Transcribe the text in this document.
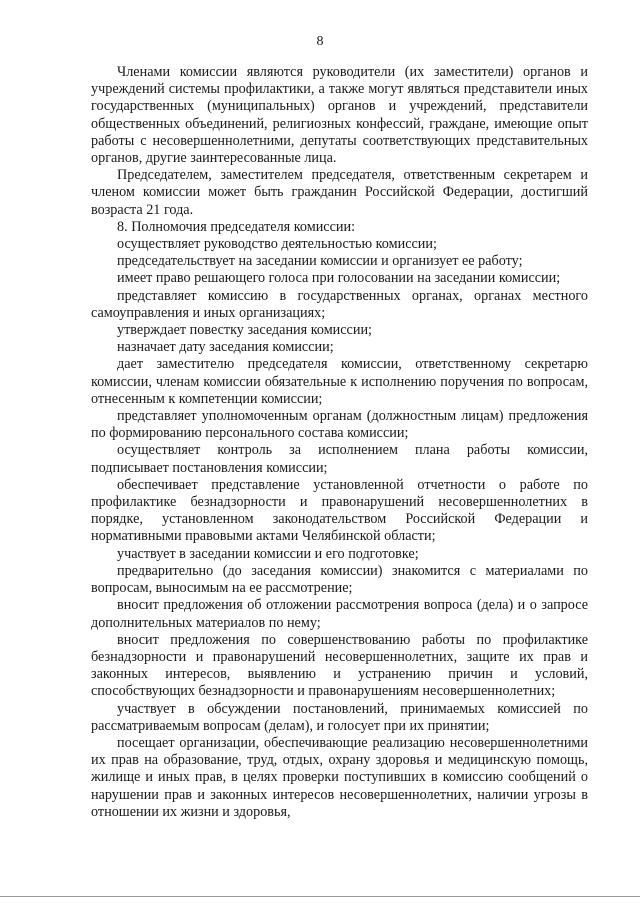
8

Членами комиссии являются руководители (их заместители) органов и учреждений системы профилактики, а также могут являться представители иных государственных (муниципальных) органов и учреждений, представители общественных объединений, религиозных конфессий, граждане, имеющие опыт работы с несовершеннолетними, депутаты соответствующих представительных органов, другие заинтересованные лица.

Председателем, заместителем председателя, ответственным секретарем и членом комиссии может быть гражданин Российской Федерации, достигший возраста 21 года.

8. Полномочия председателя комиссии:

осуществляет руководство деятельностью комиссии;

председательствует на заседании комиссии и организует ее работу;

имеет право решающего голоса при голосовании на заседании комиссии;

представляет комиссию в государственных органах, органах местного самоуправления и иных организациях;

утверждает повестку заседания комиссии;

назначает дату заседания комиссии;

дает заместителю председателя комиссии, ответственному секретарю комиссии, членам комиссии обязательные к исполнению поручения по вопросам, отнесенным к компетенции комиссии;

представляет уполномоченным органам (должностным лицам) предложения по формированию персонального состава комиссии;

осуществляет контроль за исполнением плана работы комиссии, подписывает постановления комиссии;

обеспечивает представление установленной отчетности о работе по профилактике безнадзорности и правонарушений несовершеннолетних в порядке, установленном законодательством Российской Федерации и нормативными правовыми актами Челябинской области;

участвует в заседании комиссии и его подготовке;

предварительно (до заседания комиссии) знакомится с материалами по вопросам, выносимым на ее рассмотрение;

вносит предложения об отложении рассмотрения вопроса (дела) и о запросе дополнительных материалов по нему;

вносит предложения по совершенствованию работы по профилактике безнадзорности и правонарушений несовершеннолетних, защите их прав и законных интересов, выявлению и устранению причин и условий, способствующих безнадзорности и правонарушениям несовершеннолетних;

участвует в обсуждении постановлений, принимаемых комиссией по рассматриваемым вопросам (делам), и голосует при их принятии;

посещает организации, обеспечивающие реализацию несовершеннолетними их прав на образование, труд, отдых, охрану здоровья и медицинскую помощь, жилище и иных прав, в целях проверки поступивших в комиссию сообщений о нарушении прав и законных интересов несовершеннолетних, наличии угрозы в отношении их жизни и здоровья,
